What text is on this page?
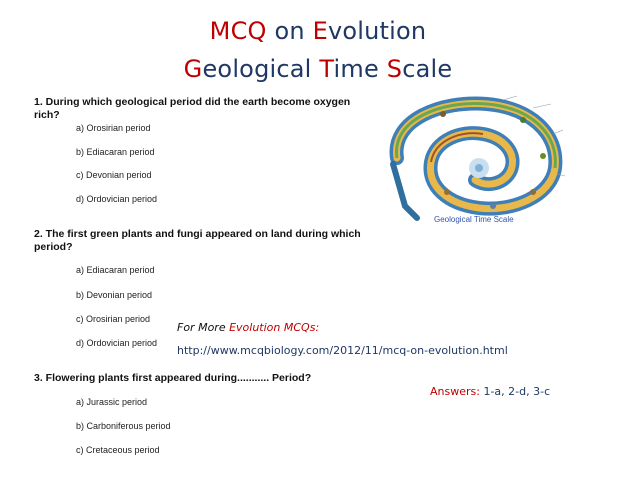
MCQ on Evolution
Geological Time Scale
1. During which geological period did the earth become oxygen
rich?
a) Orosirian period
b) Ediacaran period
c) Devonian period
d) Ordovician period
2. The first green plants and fungi appeared on land during which
period?
a) Ediacaran period
b) Devonian period
c) Orosirian period
d) Ordovician period
3. Flowering plants first appeared during........... Period?
a) Jurassic period
b) Carboniferous period
c) Cretaceous period
Geological Time Scale
For More Evolution MCQs:
http://www.mcqbiology.com/2012/11/mcq-on-evolution.html
Answers: 1-a, 2-d, 3-c
